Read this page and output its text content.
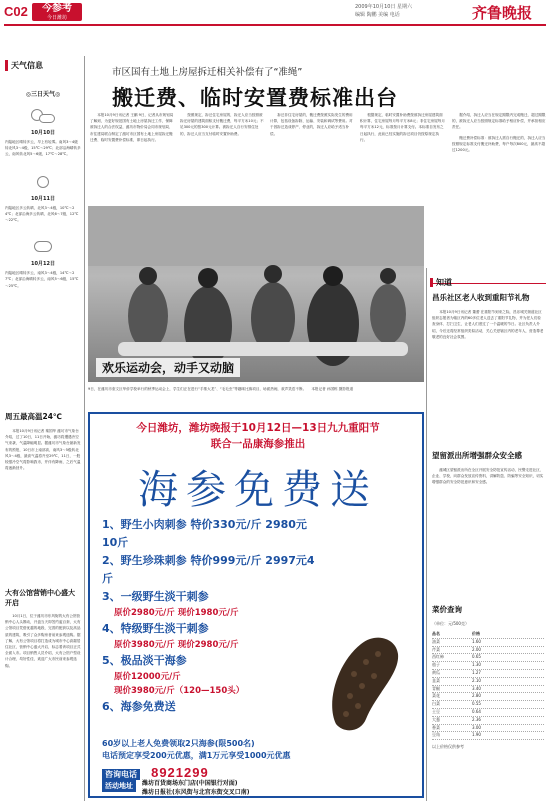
C02	今参考
今日潍坊
2009年10月10日 星期六
编辑 陶鹏 美编 电话	齐鲁晚报
天气信息
◎三日天气◎
10月10日
内陆地区晴转多云，早上有轻雾。南风3～4级转北风3～4级，15℃～29℃；北部沿海晴转多云，南风转北风5～6级，17℃～28℃。
10月11日
内陆地区多云转晴，北风3～4级，10℃～24℃；北部沿海多云转晴，北风6～7级，12℃～22℃。
10月12日
内陆地区晴转多云，南风3～4级，14℃～27℃；北部沿海晴转多云，南风5～6级，15℃～25℃。
周五最高温24℃
本报10月9日讯记者 秦国华 潍坊市气象台介绍，过了10日，11日开始，潍坊将遭遇冷空气来袭，气温降幅明显。据潍坊市气象台最新发布的预报，10日市上南部高，南风3～5级转北风3～4级，最高气温将升至29℃，11日，一股较强冷空气将影响我市，并伴有降雨，之后气温将逐渐回升。
大有公馆营销中心盛大开启
10月1日，位于潍坊市东风街的大有公馆营销中心人头攒动，开盘当天即签约逾百套，大有公馆项目凭借优越的地段、完善的配套以及高品质的建筑，吸引了众多购房者前来参观选购。据了解，大有公馆项目将打造成为城市中心高端居住社区，营销中心盛大开启，标志着该项目正式全面入市。项目销售人员介绍，大有公馆户型设计合理，均好性佳，欢迎广大市民前来参观选购。
市区国有土地上房屋拆迁相关补偿有了“准绳”
搬迁费、临时安置费标准出台
本报10月9日讯记者 王鹏 9日，记者从市规划局了解到，为更好规范国有土地上房屋拆迁工作，保障被拆迁人的合法权益，潍坊市物价局会同市规划局、市住建局联合制定了潍坊市区国有土地上房屋拆迁搬迁费、临时安置费补偿标准，即日起执行。
按照规定，拆迁住宅房屋的，拆迁人应当按照被拆迁房屋的建筑面积支付搬迁费，每平方米10元；不足300元的按300元计算。被拆迁人自行安排住处的，拆迁人应当支付临时安置补助费。
拆迁非住宅房屋的，搬迁费按照实际发生的费用计算，包括设备拆除、运输、安装和调试等费用。对于因拆迁造成停产、停业的，拆迁人应给予适当补偿。
根据规定，临时安置补助费按被拆迁房屋建筑面积计算，住宅房屋每月每平方米8元；非住宅房屋每月每平方米12元，标准按月计算支付。本标准自发布之日起执行，此前已经实施的拆迁项目仍按原规定执行。
欢乐运动会，动手又动脑
9日，在潍坊市奎文区华侨学校举行的秋季运动会上，学生们正在进行“手推大龙”、“毛毛虫”等趣味比赛项目，场面热闹，欢声笑语不断。 本报记者 孙国栋 摄影报道
据介绍，拆迁人应当在规定期限内完成搬迁，超过期限的，被拆迁人应当按照规定标准给予相应补偿，并承担相应责任。
搬迁费补偿标准：被拆迁人需自行搬迁的，拆迁人应当按照规定标准支付搬迁补助费，每户每次800元，最高不超过1200元。
知道
昌乐社区老人收到重阳节礼物
本报10月9日讯记者 董蕾 在重阳节到来之际，昌乐城关街道社区组织志愿者为辖区内的60多位老人送去了重阳节礼物，并为老人们检查身体、打扫卫生，让老人们度过了一个温暖的节日。社区负责人介绍，今后还将经常组织类似活动，关心关爱辖区内的老年人，营造尊老敬老的良好社会氛围。
望留派出所增强群众安全感
潍城区望留派出所在全区开展安全防范宣传活动，民警走进社区、企业、学校，向群众发放宣传资料，讲解防盗、防骗等安全知识，切实增强群众的安全防范意识和安全感。
菜价查询
（单位：元/500克）
品名	价格
油菜	1.60
芹菜	2.00
西红柿	0.65
茄子	1.30
黄瓜	1.27
韭菜	2.10
青椒	3.40
菜花	2.80
白菜	0.55
土豆	0.64
大葱	2.36
香菜	3.00
豆角	1.90
以上价格仅供参考
今日潍坊，潍坊晚报于10月12日—13日九九重阳节
联合一品康海参推出
海参免费送
1、野生小肉刺参 特价330元/斤 2980元10斤
2、野生珍珠刺参 特价999元/斤 2997元4斤
3、一级野生淡干刺参
原价2980元/斤 现价1980元/斤
4、特级野生淡干刺参
原价3980元/斤 现价2980元/斤
5、极品淡干海参
原价12000元/斤
现价3980元/斤（120—150头）
6、海参免费送
60岁以上老人免费领取2只海参(限500名)
电话预定享受200元优惠，满1万元享受1000元优惠
咨询电话 8921299
活动地址	潍坊百货商场东门店(中国银行对面)
潍坊日报社(东风街与北宫东街交叉口南)
